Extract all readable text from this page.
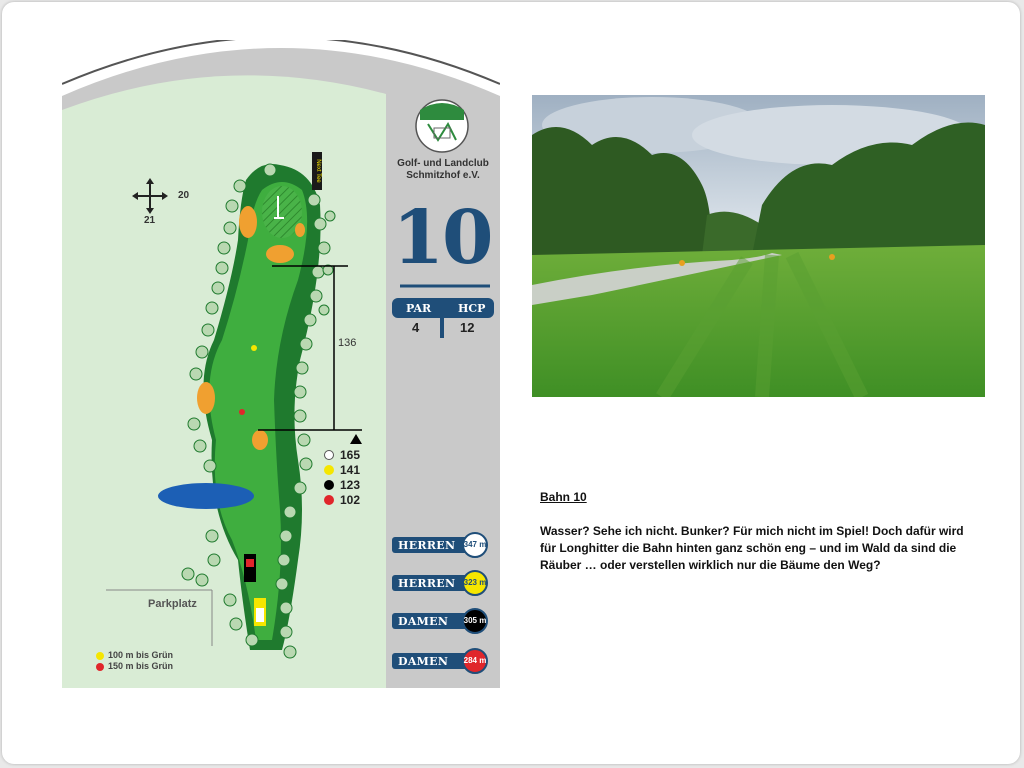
Next Tee	Golf- und Landclub
Schmitzhof e.V.
10
PAR HCP
4	12
136
20
21
Parkplatz
165
141
123
102
100 m bis Grün
150 m bis Grün
HERREN	347 m
HERREN	323 m
DAMEN	305 m
DAMEN	284 m
Bahn 10
Wasser? Sehe ich nicht. Bunker? Für mich nicht im Spiel! Doch dafür wird für Longhitter die Bahn hinten ganz schön eng – und im Wald da sind die Räuber … oder verstellen wirklich nur die Bäume den Weg?
